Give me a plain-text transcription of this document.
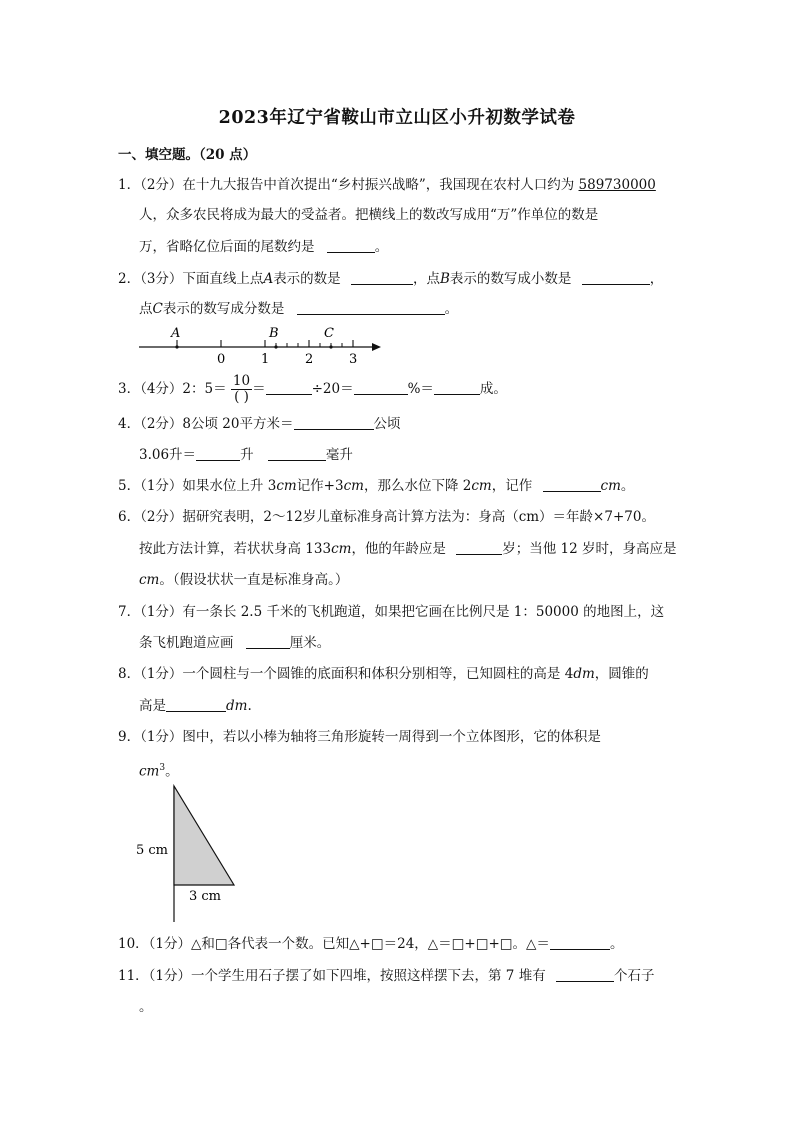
2023年辽宁省鞍山市立山区小升初数学试卷
一、填空题。（20 点）
1．（2分）在十九大报告中首次提出“乡村振兴战略”，我国现在农村人口约为 589730000
人，众多农民将成为最大的受益者。把横线上的数改写成用“万”作单位的数是
万，省略亿位后面的尾数约是	。
2．（3分）下面直线上点A表示的数是	，点B表示的数写成小数是	，
点C表示的数写成分数是	。
A	B	C
0	1	2	3
3．（4分）2：$5= \frac{10}{( )}$ ＝	÷20＝	%＝	成。
4．（2分）8公顷 20平方米＝	公顷
3.06升＝	升	毫升
5．（1分）如果水位上升 3cm记作+3cm，那么水位下降 2cm，记作	cm。
6．（2分）据研究表明，2～12岁儿童标准身高计算方法为：身高（cm）＝年龄×7+70。
按此方法计算，若状状身高 133cm，他的年龄应是	岁；当他 12 岁时，身高应是
cm。（假设状状一直是标准身高。）
7．（1分）有一条长 2.5 千米的飞机跑道，如果把它画在比例尺是 1：50000 的地图上，这
条飞机跑道应画	厘米。
8．（1分）一个圆柱与一个圆锥的底面积和体积分别相等，已知圆柱的高是 4dm，圆锥的
高是	dm.
9．（1分）图中，若以小棒为轴将三角形旋转一周得到一个立体图形，它的体积是
$cm^3$。
5 cm
3 cm
10．（1分）△和□各代表一个数。已知△+□＝24，△＝□+□+□。△＝	。
11．（1分）一个学生用石子摆了如下四堆，按照这样摆下去，第 7 堆有	个石子
。
